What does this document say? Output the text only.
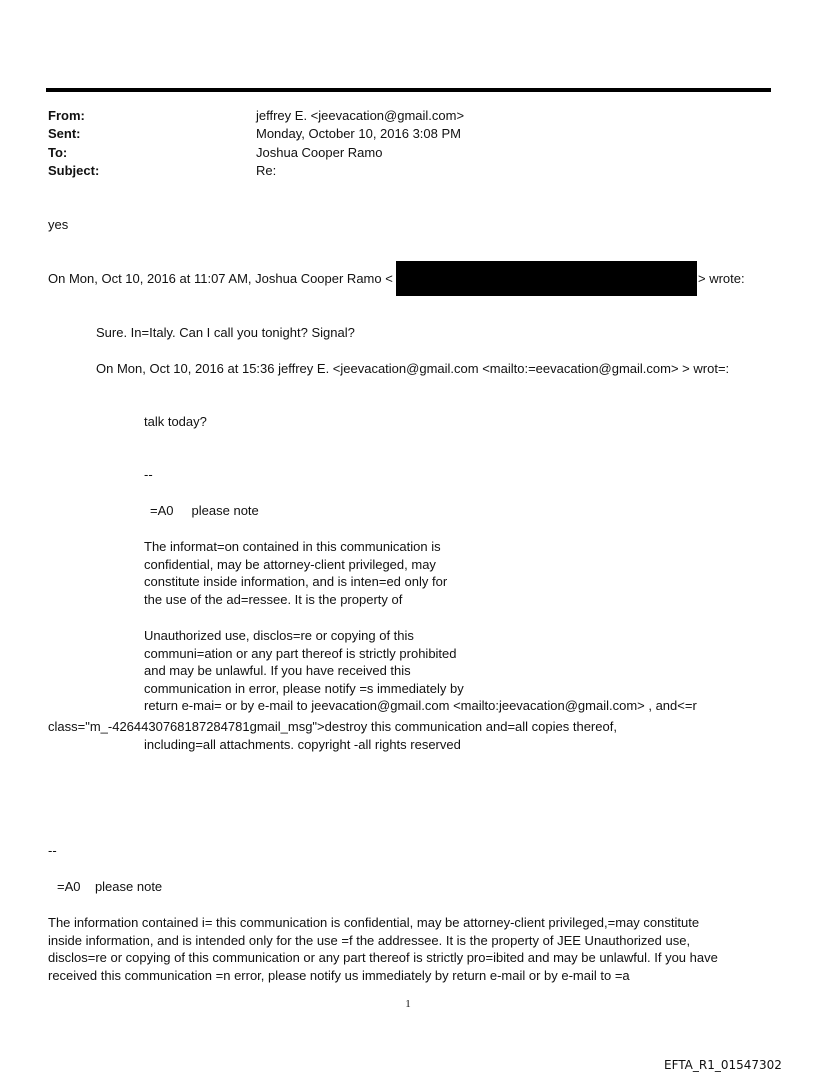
From:	jeffrey E. <jeevacation@gmail.com>
Sent:	Monday, October 10, 2016 3:08 PM
To:	Joshua Cooper Ramo
Subject:	Re:
yes
On Mon, Oct 10, 2016 at 11:07 AM, Joshua Cooper Ramo <	> wrote:
Sure. In=Italy. Can I call you tonight? Signal?
On Mon, Oct 10, 2016 at 15:36 jeffrey E. <jeevacation@gmail.com <mailto:=eevacation@gmail.com> > wrot=:
talk today?
--
=A0     please note
The informat=on contained in this communication is
confidential, may be attorney-client privileged, may
constitute inside information, and is inten=ed only for
the use of the ad=ressee. It is the property of
Unauthorized use, disclos=re or copying of this
communi=ation or any part thereof is strictly prohibited
and may be unlawful. If you have received this
communication in error, please notify =s immediately by
return e-mai= or by e-mail to jeevacation@gmail.com <mailto:jeevacation@gmail.com> , and<=r
class="m_-4264430768187284781gmail_msg">destroy this communication and=all copies thereof,
including=all attachments. copyright -all rights reserved
--
=A0    please note
The information contained i= this communication is confidential, may be attorney-client privileged,=may constitute
inside information, and is intended only for the use =f the addressee. It is the property of JEE Unauthorized use,
disclos=re or copying of this communication or any part thereof is strictly pro=ibited and may be unlawful. If you have
received this communication =n error, please notify us immediately by return e-mail or by e-mail to =a
1
EFTA_R1_01547302
